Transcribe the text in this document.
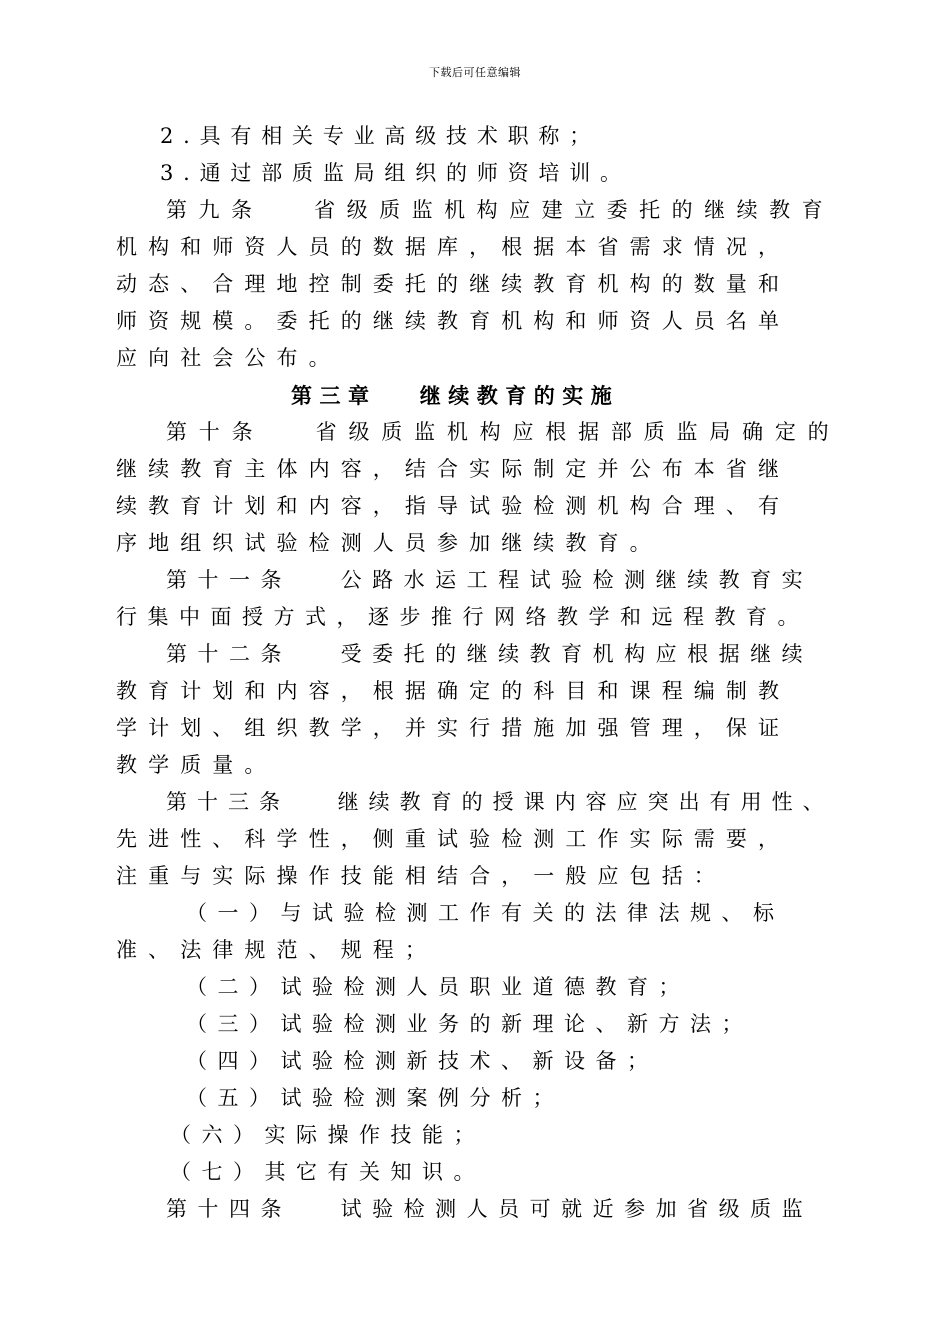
下载后可任意编辑
2.具有相关专业高级技术职称；
3.通过部质监局组织的师资培训。
第九条　 省级质监机构应建立委托的继续教育
机构和师资人员的数据库，根据本省需求情况，
动态、合理地控制委托的继续教育机构的数量和
师资规模。委托的继续教育机构和师资人员名单
应向社会公布。
第三章　 继续教育的实施
第十条　 省级质监机构应根据部质监局确定的
继续教育主体内容，结合实际制定并公布本省继
续教育计划和内容，指导试验检测机构合理、有
序地组织试验检测人员参加继续教育。
第十一条　 公路水运工程试验检测继续教育实
行集中面授方式，逐步推行网络教学和远程教育。
第十二条　 受委托的继续教育机构应根据继续
教育计划和内容，根据确定的科目和课程编制教
学计划、组织教学，并实行措施加强管理，保证
教学质量。
第十三条　 继续教育的授课内容应突出有用性、
先进性、科学性，侧重试验检测工作实际需要，
注重与实际操作技能相结合，一般应包括：
（一）与试验检测工作有关的法律法规、标
准、法律规范、规程；
（二）试验检测人员职业道德教育；
（三）试验检测业务的新理论、新方法；
（四）试验检测新技术、新设备；
（五）试验检测案例分析；
（六）实际操作技能；
（七）其它有关知识。
第十四条　 试验检测人员可就近参加省级质监
